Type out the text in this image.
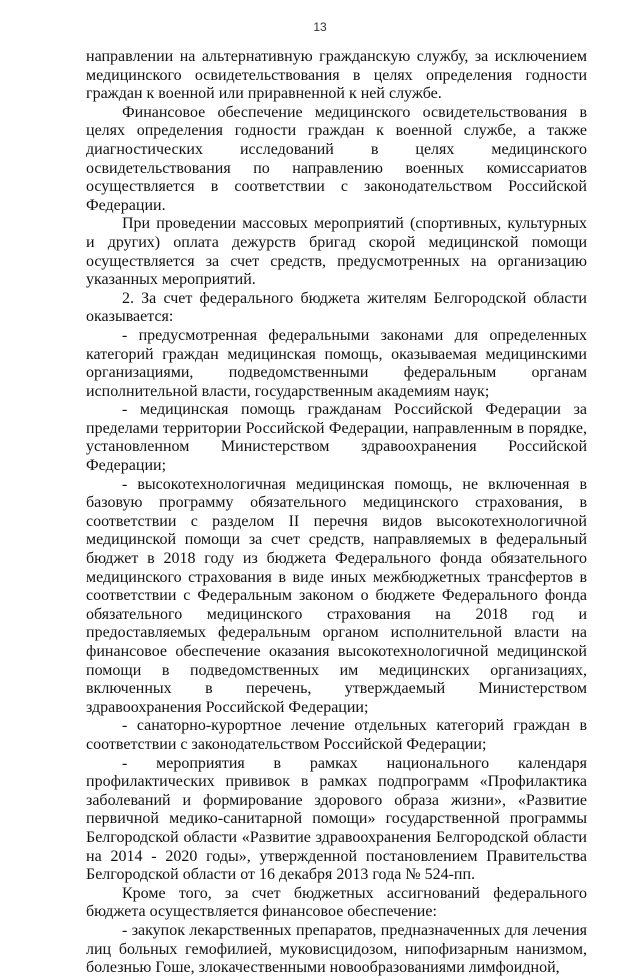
13

направлении на альтернативную гражданскую службу, за исключением медицинского освидетельствования в целях определения годности граждан к военной или приравненной к ней службе.

Финансовое обеспечение медицинского освидетельствования в целях определения годности граждан к военной службе, а также диагностических исследований в целях медицинского освидетельствования по направлению военных комиссариатов осуществляется в соответствии с законодательством Российской Федерации.

При проведении массовых мероприятий (спортивных, культурных и других) оплата дежурств бригад скорой медицинской помощи осуществляется за счет средств, предусмотренных на организацию указанных мероприятий.

2. За счет федерального бюджета жителям Белгородской области оказывается:

- предусмотренная федеральными законами для определенных категорий граждан медицинская помощь, оказываемая медицинскими организациями, подведомственными федеральным органам исполнительной власти, государственным академиям наук;

- медицинская помощь гражданам Российской Федерации за пределами территории Российской Федерации, направленным в порядке, установленном Министерством здравоохранения Российской Федерации;

- высокотехнологичная медицинская помощь, не включенная в базовую программу обязательного медицинского страхования, в соответствии с разделом II перечня видов высокотехнологичной медицинской помощи за счет средств, направляемых в федеральный бюджет в 2018 году из бюджета Федерального фонда обязательного медицинского страхования в виде иных межбюджетных трансфертов в соответствии с Федеральным законом о бюджете Федерального фонда обязательного медицинского страхования на 2018 год и предоставляемых федеральным органом исполнительной власти на финансовое обеспечение оказания высокотехнологичной медицинской помощи в подведомственных им медицинских организациях, включенных в перечень, утверждаемый Министерством здравоохранения Российской Федерации;

- санаторно-курортное лечение отдельных категорий граждан в соответствии с законодательством Российской Федерации;

- мероприятия в рамках национального календаря профилактических прививок в рамках подпрограмм «Профилактика заболеваний и формирование здорового образа жизни», «Развитие первичной медико-санитарной помощи» государственной программы Белгородской области «Развитие здравоохранения Белгородской области на 2014 - 2020 годы», утвержденной постановлением Правительства Белгородской области от 16 декабря 2013 года № 524-пп.

Кроме того, за счет бюджетных ассигнований федерального бюджета осуществляется финансовое обеспечение:

- закупок лекарственных препаратов, предназначенных для лечения лиц больных гемофилией, муковисцидозом, нипофизарным нанизмом, болезнью Гоше, злокачественными новообразованиями лимфоидной,
